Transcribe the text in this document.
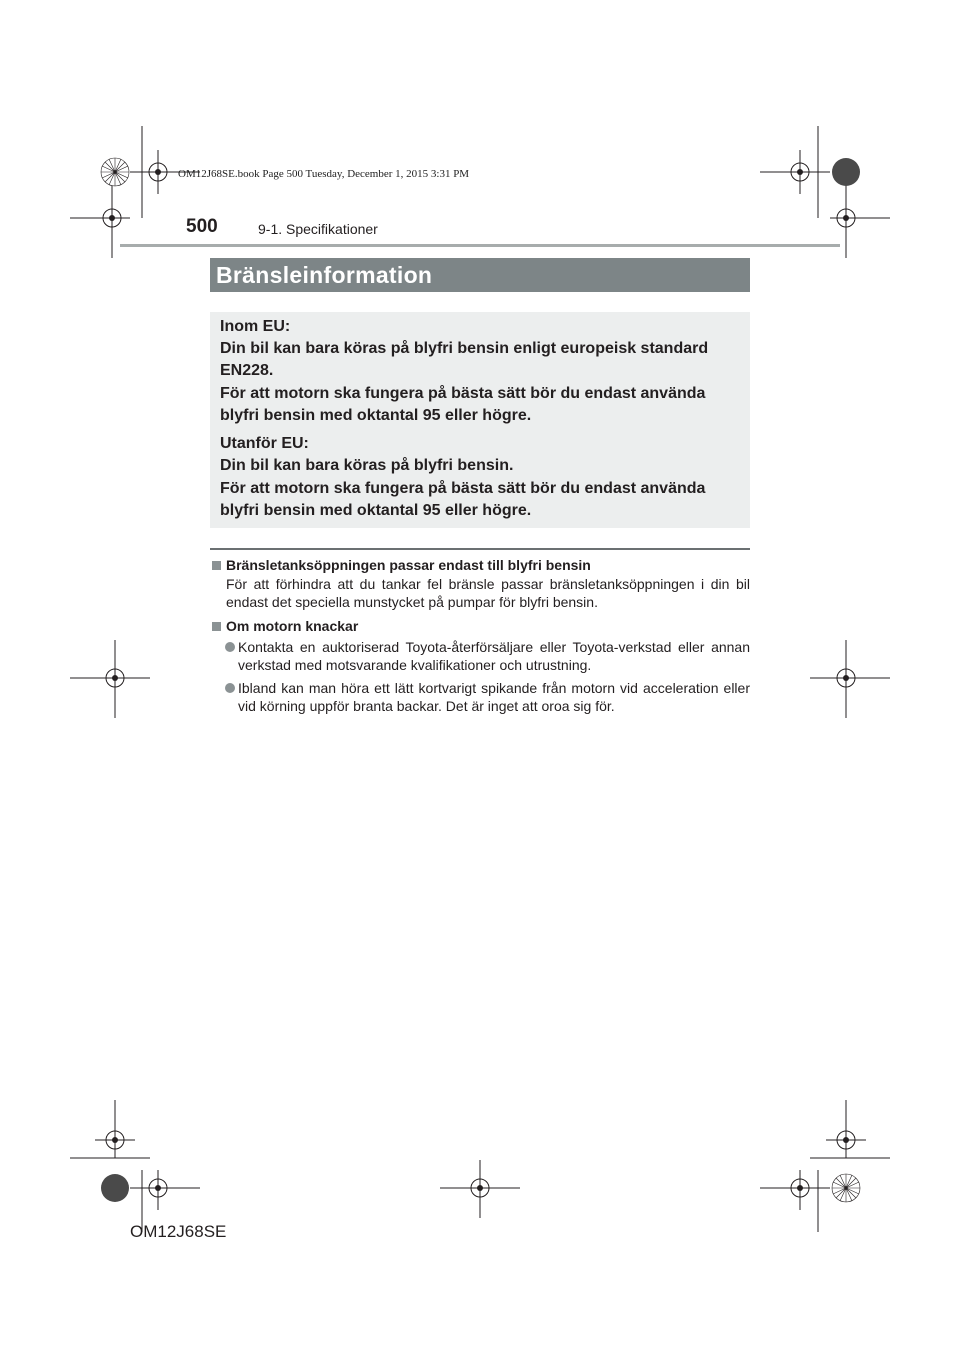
OM12J68SE.book Page 500 Tuesday, December 1, 2015 3:31 PM
500	9-1. Specifikationer
Bränsleinformation

Inom EU:

Din bil kan bara köras på blyfri bensin enligt europeisk standard

EN228.

För att motorn ska fungera på bästa sätt bör du endast använda

blyfri bensin med oktantal 95 eller högre.

Utanför EU:

Din bil kan bara köras på blyfri bensin.

För att motorn ska fungera på bästa sätt bör du endast använda

blyfri bensin med oktantal 95 eller högre.

Bränsletanksöppningen passar endast till blyfri bensin
För att förhindra att du tankar fel bränsle passar bränsletanksöppningen i din bil endast det speciella munstycket på pumpar för blyfri bensin.
Om motorn knackar
Kontakta en auktoriserad Toyota-återförsäljare eller Toyota-verkstad eller annan verkstad med motsvarande kvalifikationer och utrustning.
Ibland kan man höra ett lätt kortvarigt spikande från motorn vid acceleration eller vid körning uppför branta backar. Det är inget att oroa sig för.
OM12J68SE
